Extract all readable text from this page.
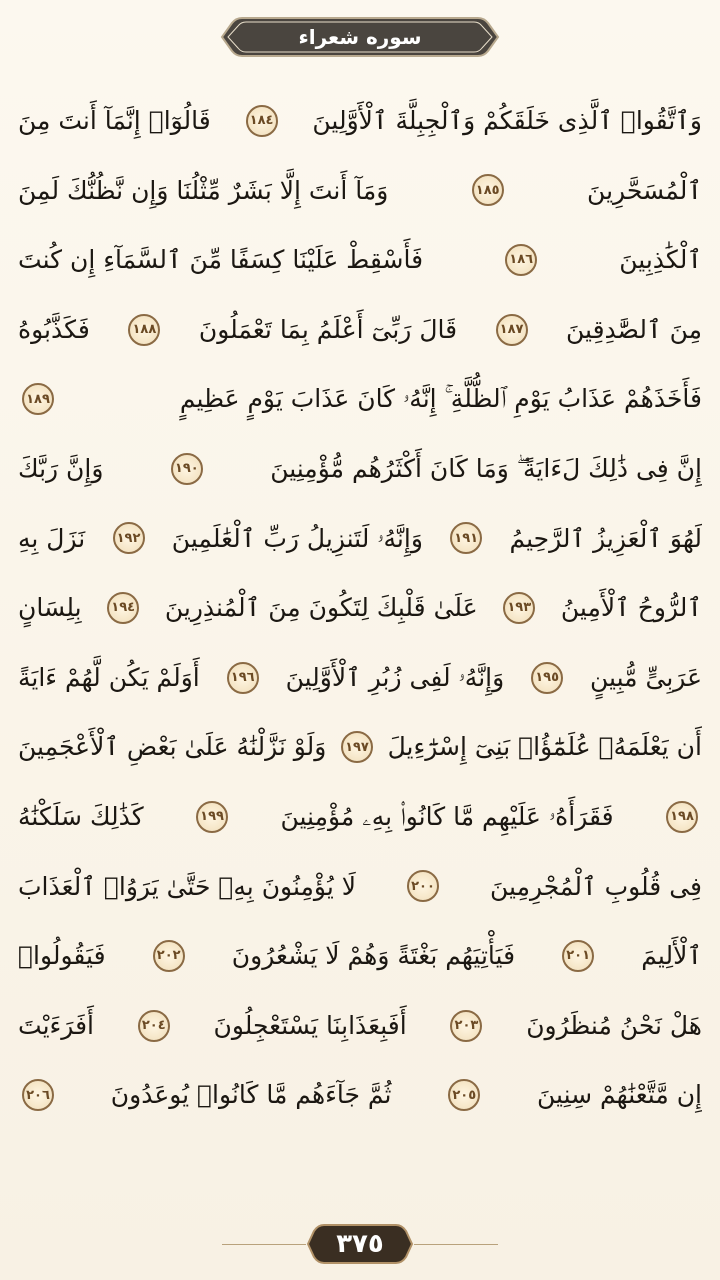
سوره شعراء
وَٱتَّقُوا۟ ٱلَّذِى خَلَقَكُمْ وَٱلْجِبِلَّةَ ٱلْأَوَّلِينَ
١٨٤
قَالُوٓا۟ إِنَّمَآ أَنتَ مِنَ
ٱلْمُسَحَّرِينَ
١٨٥
وَمَآ أَنتَ إِلَّا بَشَرٌ مِّثْلُنَا وَإِن نَّظُنُّكَ لَمِنَ
ٱلْكَٰذِبِينَ
١٨٦
فَأَسْقِطْ عَلَيْنَا كِسَفًا مِّنَ ٱلسَّمَآءِ إِن كُنتَ
مِنَ ٱلصَّٰدِقِينَ
١٨٧
قَالَ رَبِّىٓ أَعْلَمُ بِمَا تَعْمَلُونَ
١٨٨
فَكَذَّبُوهُ
فَأَخَذَهُمْ عَذَابُ يَوْمِ ٱلظُّلَّةِ ۚ إِنَّهُۥ كَانَ عَذَابَ يَوْمٍ عَظِيمٍ
١٨٩
إِنَّ فِى ذَٰلِكَ لَءَايَةً ۖ وَمَا كَانَ أَكْثَرُهُم مُّؤْمِنِينَ
١٩٠
وَإِنَّ رَبَّكَ
لَهُوَ ٱلْعَزِيزُ ٱلرَّحِيمُ
١٩١
وَإِنَّهُۥ لَتَنزِيلُ رَبِّ ٱلْعَٰلَمِينَ
١٩٢
نَزَلَ بِهِ
ٱلرُّوحُ ٱلْأَمِينُ
١٩٣
عَلَىٰ قَلْبِكَ لِتَكُونَ مِنَ ٱلْمُنذِرِينَ
١٩٤
بِلِسَانٍ
عَرَبِىٍّ مُّبِينٍ
١٩٥
وَإِنَّهُۥ لَفِى زُبُرِ ٱلْأَوَّلِينَ
١٩٦
أَوَلَمْ يَكُن لَّهُمْ ءَايَةً
أَن يَعْلَمَهُۥ عُلَمَٰٓؤُا۟ بَنِىٓ إِسْرَٰٓءِيلَ
١٩٧
وَلَوْ نَزَّلْنَٰهُ عَلَىٰ بَعْضِ ٱلْأَعْجَمِينَ
١٩٨
فَقَرَأَهُۥ عَلَيْهِم مَّا كَانُوا۟ بِهِۦ مُؤْمِنِينَ
١٩٩
كَذَٰلِكَ سَلَكْنَٰهُ
فِى قُلُوبِ ٱلْمُجْرِمِينَ
٢٠٠
لَا يُؤْمِنُونَ بِهِۦ حَتَّىٰ يَرَوُا۟ ٱلْعَذَابَ
ٱلْأَلِيمَ
٢٠١
فَيَأْتِيَهُم بَغْتَةً وَهُمْ لَا يَشْعُرُونَ
٢٠٢
فَيَقُولُوا۟
هَلْ نَحْنُ مُنظَرُونَ
٢٠٣
أَفَبِعَذَابِنَا يَسْتَعْجِلُونَ
٢٠٤
أَفَرَءَيْتَ
إِن مَّتَّعْنَٰهُمْ سِنِينَ
٢٠٥
ثُمَّ جَآءَهُم مَّا كَانُوا۟ يُوعَدُونَ
٢٠٦
٣٧٥
